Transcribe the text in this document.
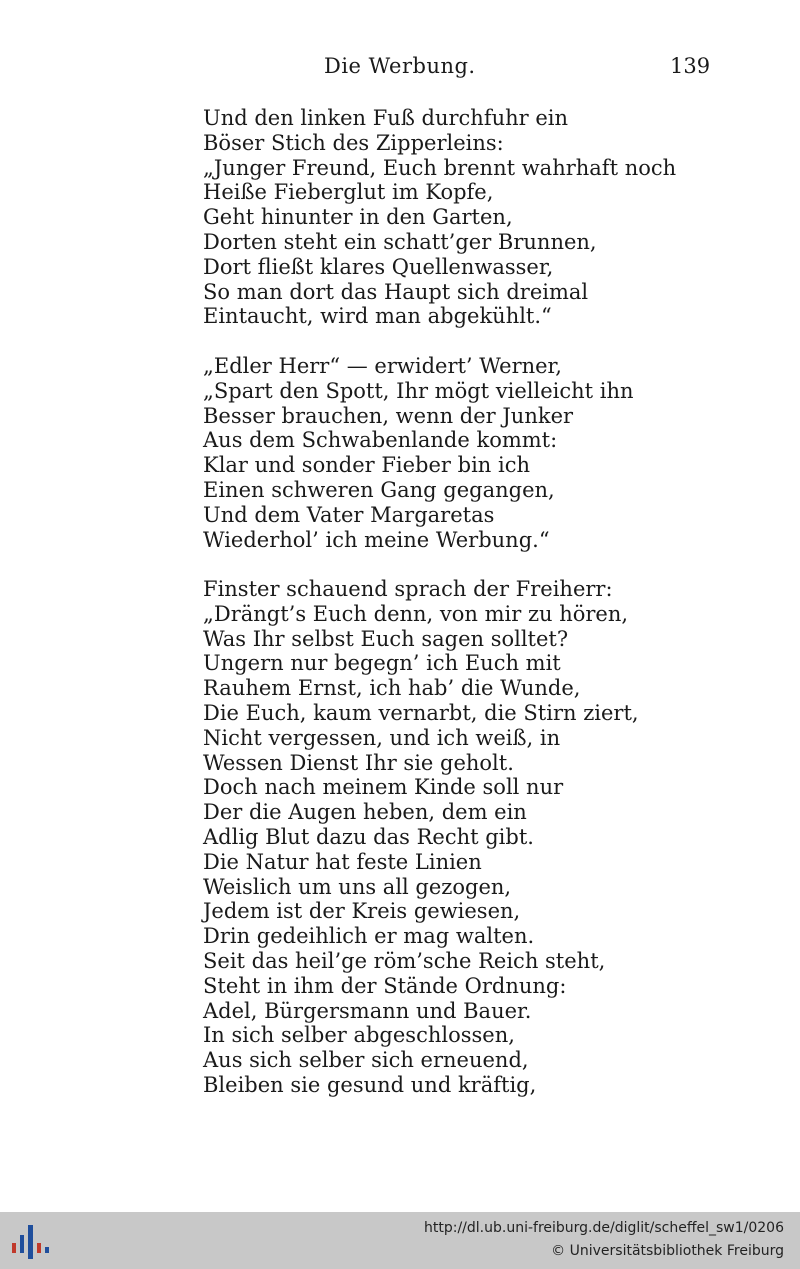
Die Werbung.	139
Und den linken Fuß durchfuhr ein
Böser Stich des Zipperleins:
„Junger Freund, Euch brennt wahrhaft noch
Heiße Fieberglut im Kopfe,
Geht hinunter in den Garten,
Dorten steht ein schatt’ger Brunnen,
Dort fließt klares Quellenwasser,
So man dort das Haupt sich dreimal
Eintaucht, wird man abgekühlt.“
„Edler Herr“ — erwidert’ Werner,
„Spart den Spott, Ihr mögt vielleicht ihn
Besser brauchen, wenn der Junker
Aus dem Schwabenlande kommt:
Klar und sonder Fieber bin ich
Einen schweren Gang gegangen,
Und dem Vater Margaretas
Wiederhol’ ich meine Werbung.“
Finster schauend sprach der Freiherr:
„Drängt’s Euch denn, von mir zu hören,
Was Ihr selbst Euch sagen solltet?
Ungern nur begegn’ ich Euch mit
Rauhem Ernst, ich hab’ die Wunde,
Die Euch, kaum vernarbt, die Stirn ziert,
Nicht vergessen, und ich weiß, in
Wessen Dienst Ihr sie geholt.
Doch nach meinem Kinde soll nur
Der die Augen heben, dem ein
Adlig Blut dazu das Recht gibt.
Die Natur hat feste Linien
Weislich um uns all gezogen,
Jedem ist der Kreis gewiesen,
Drin gedeihlich er mag walten.
Seit das heil’ge röm’sche Reich steht,
Steht in ihm der Stände Ordnung:
Adel, Bürgersmann und Bauer.
In sich selber abgeschlossen,
Aus sich selber sich erneuend,
Bleiben sie gesund und kräftig,
http://dl.ub.uni-freiburg.de/diglit/scheffel_sw1/0206
© Universitätsbibliothek Freiburg
